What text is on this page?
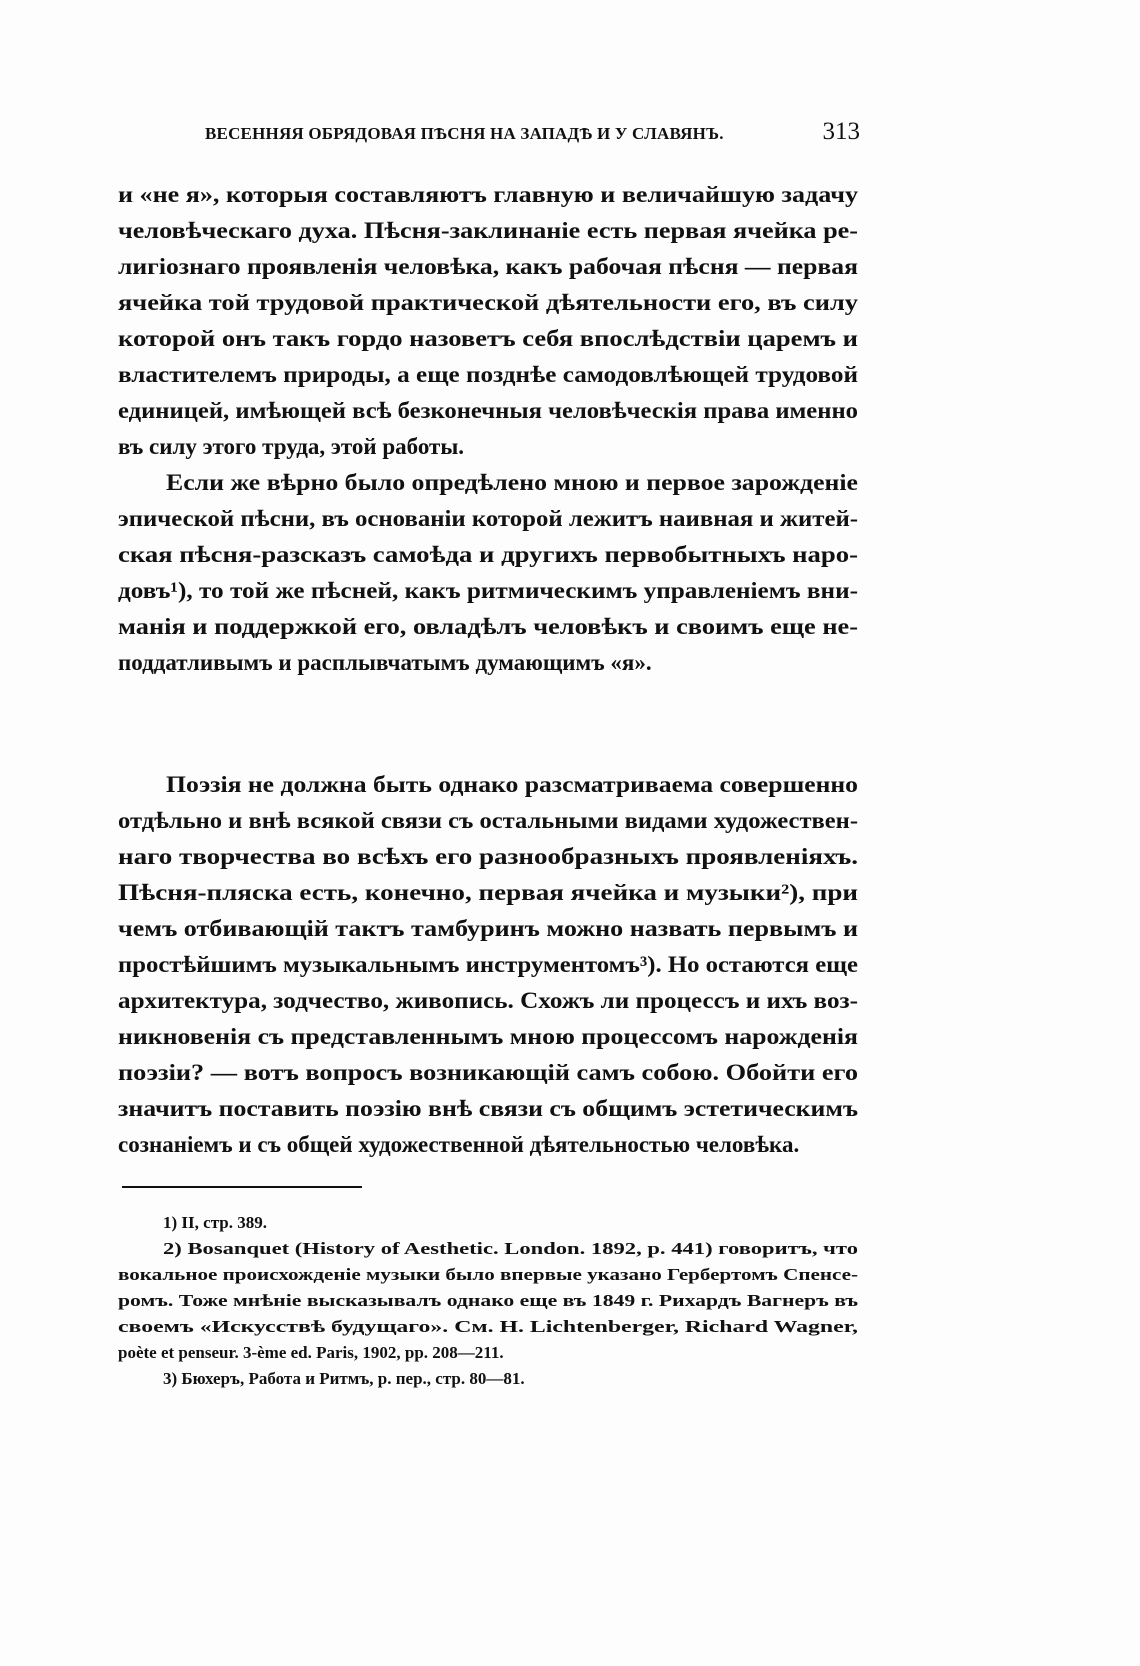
ВЕСЕННЯЯ ОБРЯДОВАЯ ПѢСНЯ НА ЗАПАДѢ И У СЛАВЯНЪ.	313
и «не я», которыя составляютъ главную и величайшую задачу
человѣческаго духа. Пѣсня-заклинаніе есть первая ячейка ре-
лигіознаго проявленія человѣка, какъ рабочая пѣсня — первая
ячейка той трудовой практической дѣятельности его, въ силу
которой онъ такъ гордо назоветъ себя впослѣдствіи царемъ и
властителемъ природы, а еще позднѣе самодовлѣющей трудовой
единицей, имѣющей всѣ безконечныя человѣческія права именно
въ силу этого труда, этой работы.
Если же вѣрно было опредѣлено мною и первое зарожденіе
эпической пѣсни, въ основаніи которой лежитъ наивная и житей-
ская пѣсня-разсказъ самоѣда и другихъ первобытныхъ наро-
довъ¹), то той же пѣсней, какъ ритмическимъ управленіемъ вни-
манія и поддержкой его, овладѣлъ человѣкъ и своимъ еще не-
поддатливымъ и расплывчатымъ думающимъ «я».
Поэзія не должна быть однако разсматриваема совершенно
отдѣльно и внѣ всякой связи съ остальными видами художествен-
наго творчества во всѣхъ его разнообразныхъ проявленіяхъ.
Пѣсня-пляска есть, конечно, первая ячейка и музыки²), при
чемъ отбивающій тактъ тамбуринъ можно назвать первымъ и
простѣйшимъ музыкальнымъ инструментомъ³). Но остаются еще
архитектура, зодчество, живопись. Схожъ ли процессъ и ихъ воз-
никновенія съ представленнымъ мною процессомъ нарожденія
поэзіи? — вотъ вопросъ возникающій самъ собою. Обойти его
значитъ поставить поэзію внѣ связи съ общимъ эстетическимъ
сознаніемъ и съ общей художественной дѣятельностью человѣка.
1) II, стр. 389.
2) Bosanquet (History of Aesthetic. London. 1892, p. 441) говоритъ, что
вокальное происхожденіе музыки было впервые указано Гербертомъ Спенсе-
ромъ. Тоже мнѣніе высказывалъ однако еще въ 1849 г. Рихардъ Вагнеръ въ
своемъ «Искусствѣ будущаго». См. H. Lichtenberger, Richard Wagner,
poète et penseur. 3-ème ed. Paris, 1902, pp. 208—211.
3) Бюхеръ, Работа и Ритмъ, р. пер., стр. 80—81.
